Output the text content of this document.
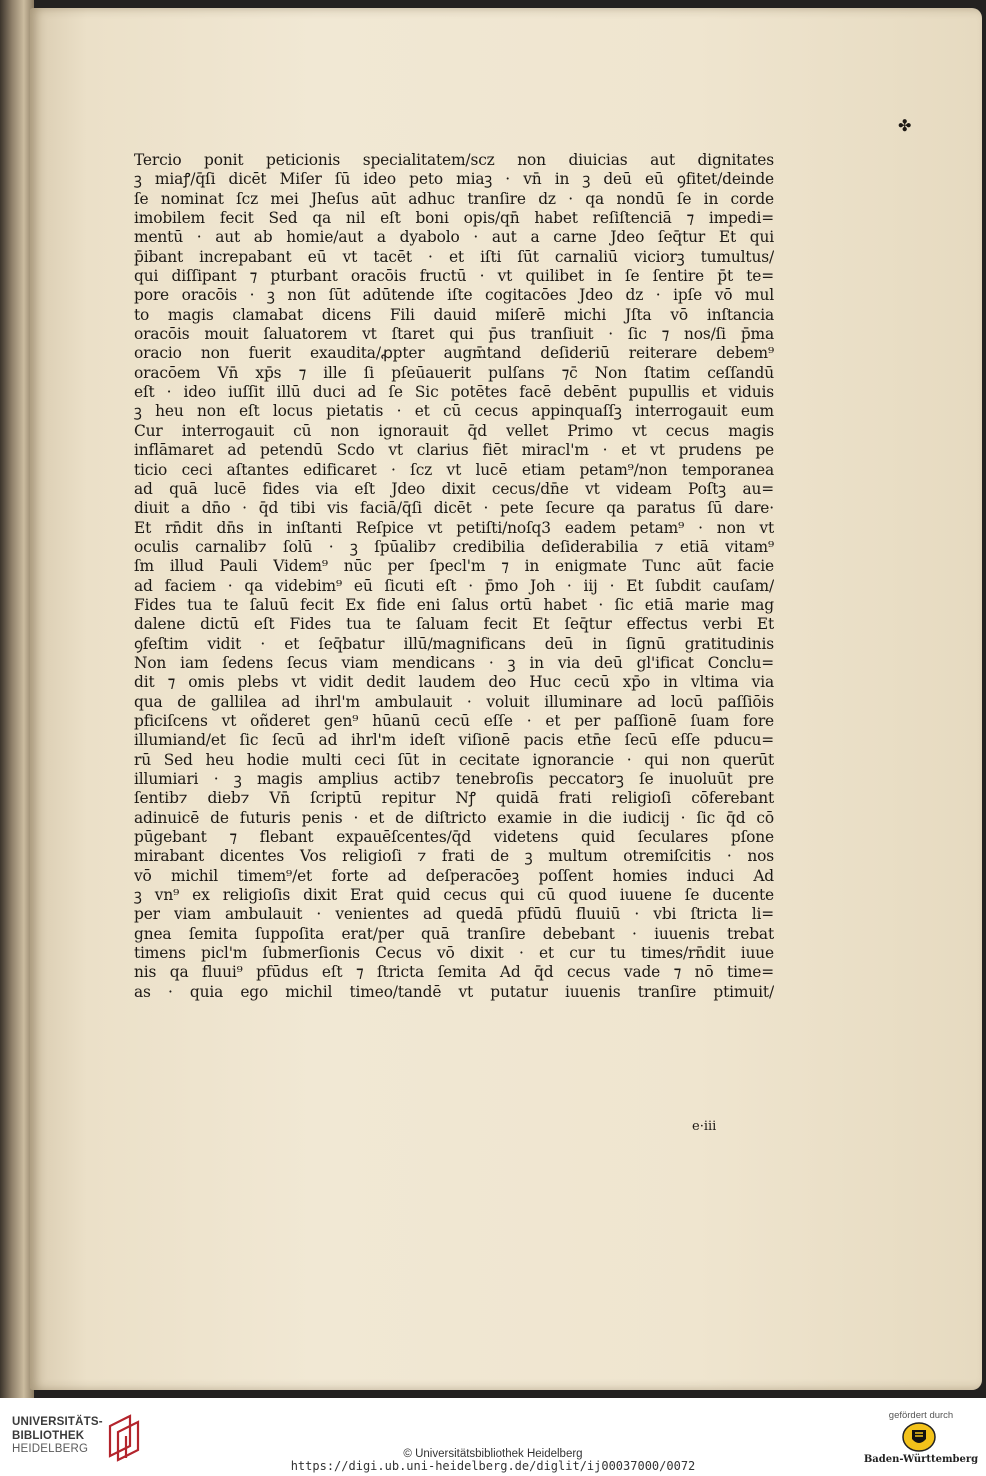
✤
Tercio ponit peticionis specialitatem/scz non diuicias aut dignitates
ꝫ miaꝭ/q̄ſi dicēt Miſer ſū ideo peto miaꝫ · vn̄ in ꝫ deū eū ꝯfitet/deinde
ſe nominat ſcz mei Jheſus aūt adhuc tranſire d̄z · qa nondū ſe in corde
imobilem fecit Sed qa nil eſt boni opis/qn̄ habet reſiſtenciā ⁊ impedi=
mentū · aut ab homie/aut a dyabolo · aut a carne Jdeo ſeq̄tur Et qui
p̄ibant increpabant eū vt tacēt · et iſti ſūt carnaliū viciorꝫ tumultus/
qui diſſipant ⁊ pturbant oracōis fructū · vt quilibet in ſe ſentire p̄t te=
pore oracōis · ꝫ non ſūt adūtende iſte cogitacōes Jdeo d̄z · ipſe vō mul
to magis clamabat dicens Fili dauid miſerē michi Jſta vō inſtancia
oracōis mouit ſaluatorem vt ſtaret qui p̄us tranſiuit · ſic ⁊ nos/ſi p̄ma
oracio non fuerit exaudita/ꝓpter augm̄tand deſideriū reiterare debem⁹
oracōem Vn̄ xp̄s ⁊ ille ſi pſeūauerit pulſans ⁊c̄ Non ſtatim ceſſandū
eſt · ideo iuſſit illū duci ad ſe Sic potētes facē debēnt pupullis et viduis
ꝫ heu non eſt locus pietatis · et cū cecus appinquaſſꝫ interrogauit eum
Cur interrogauit cū non ignorauit q̄d vellet Primo vt cecus magis
inflāmaret ad petendū Scdo vt clarius fiēt miracl'm · et vt prudens pe
ticio ceci aſtantes edificaret · ſcz vt lucē etiam petam⁹/non temporanea
ad quā lucē fides via eſt Jdeo dixit cecus/dn̄e vt videam Poſtꝫ au=
diuit a dn̄o · q̄d tibi vis faciā/q̄ſi dicēt · pete ſecure qa paratus ſū dare·
Et rn̄dit dn̄s in inſtanti Reſpice vt petiſti/noſq3 eadem petam⁹ · non vt
oculis carnalib⁊ ſolū · ꝫ ſpūalib⁊ credibilia deſiderabilia ⁊ etiā vitam⁹
ſm illud Pauli Videm⁹ nūc per ſpecl'm ⁊ in enigmate Tunc aūt facie
ad faciem · qa videbim⁹ eū ſicuti eſt · p̄mo Joh · iij · Et ſubdit cauſam/
Fides tua te ſaluū fecit Ex fide eni ſalus ortū habet · ſic etiā marie mag
dalene dictū eſt Fides tua te ſaluam fecit Et ſeq̄tur effectus verbi Et
ꝯfeſtim vidit · et ſeq̄batur illū/magnificans deū in ſignū gratitudinis
Non iam ſedens ſecus viam mendicans · ꝫ in via deū gl'ificat Conclu=
dit ⁊ omis plebs vt vidit dedit laudem deo Huc cecū xp̄o in vltima via
qua de gallilea ad ihrl'm ambulauit · voluit illuminare ad locū paſſiōis
pficiſcens vt oñderet gen⁹ hūanū cecū eſſe · et per paſſionē ſuam fore
illumiand/et ſic ſecū ad ihrl'm ideſt viſionē pacis etn̄e ſecū eſſe pducu=
rū Sed heu hodie multi ceci ſūt in cecitate ignorancie · qui non querūt
illumiari · ꝫ magis amplius actib⁊ tenebroſis peccatorꝫ ſe inuoluūt pre
ſentib⁊ dieb⁊ Vn̄ ſcriptū repitur Nꝭ quidā frati religioſi cōferebant
adinuicē de futuris penis · et de diſtricto examie in die iudicij · ſic q̄d cō
pūgebant ⁊ flebant expauēſcentes/q̄d videtens quid ſeculares pſone
mirabant dicentes Vos religioſi ⁊ frati de ꝫ multum otremiſcitis · nos
vō michil timem⁹/et forte ad deſperacōeꝫ poſſent homies induci Ad
ꝫ vn⁹ ex religioſis dixit Erat quid cecus qui cū quod iuuene ſe ducente
per viam ambulauit · venientes ad quedā pfūdū fluuiū · vbi ſtricta li=
gnea ſemita ſuppoſita erat/per quā tranſire debebant · iuuenis trebat
timens picl'm ſubmerſionis Cecus vō dixit · et cur tu times/rn̄dit iuue
nis qa fluui⁹ pfūdus eſt ⁊ ſtricta ſemita Ad q̄d cecus vade ⁊ nō time=
as · quia ego michil timeo/tandē vt putatur iuuenis tranſire ptimuit/
e·iii
UNIVERSITÄTS-
BIBLIOTHEK
HEIDELBERG	© Universitätsbibliothek Heidelberg
https://digi.ub.uni-heidelberg.de/diglit/ij00037000/0072
gefördert durch
Baden-Württemberg
